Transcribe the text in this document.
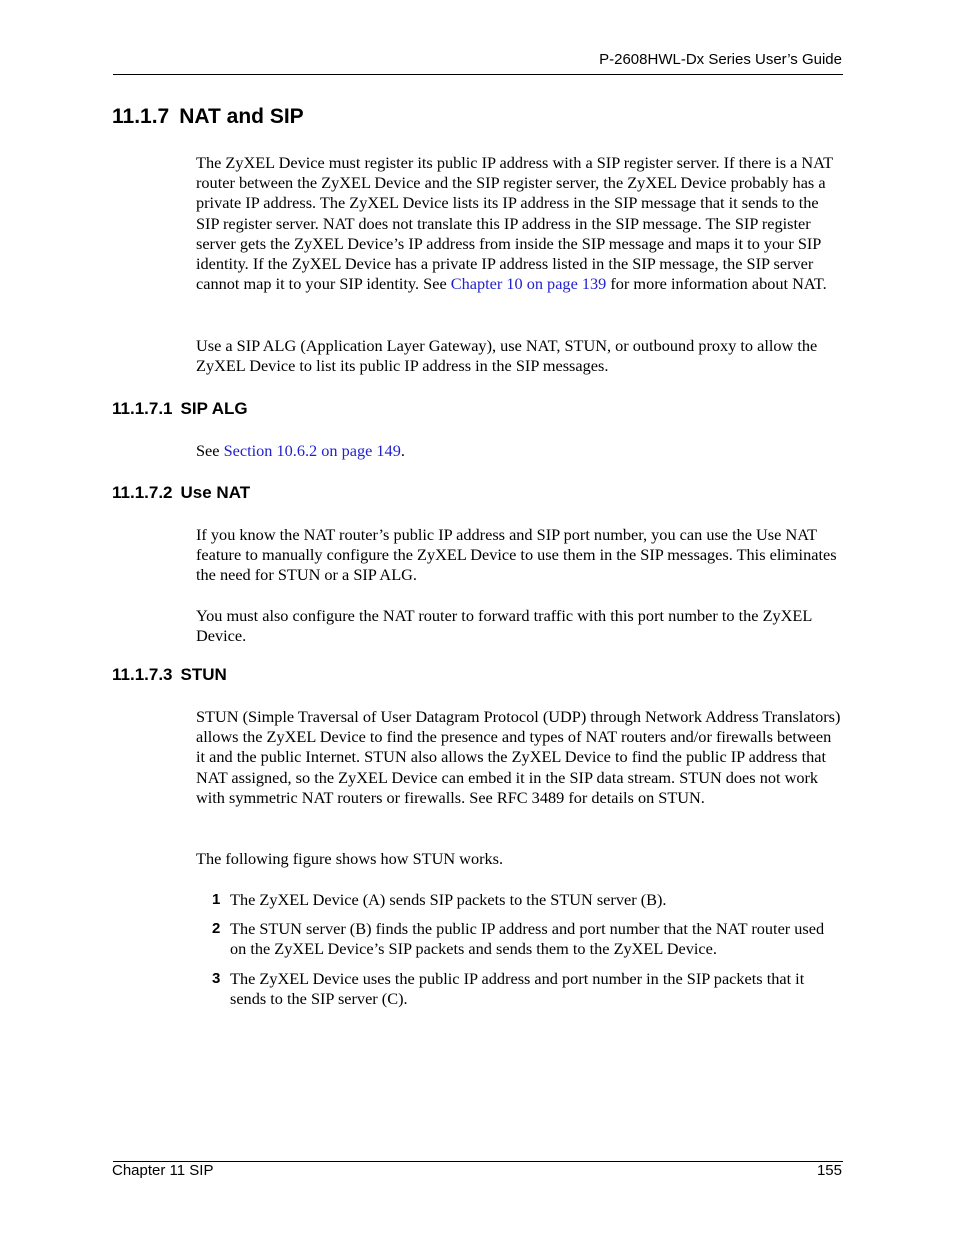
P-2608HWL-Dx Series User’s Guide
11.1.7 NAT and SIP

The ZyXEL Device must register its public IP address with a SIP register server. If there is a NAT router between the ZyXEL Device and the SIP register server, the ZyXEL Device probably has a private IP address. The ZyXEL Device lists its IP address in the SIP message that it sends to the SIP register server. NAT does not translate this IP address in the SIP message. The SIP register server gets the ZyXEL Device’s IP address from inside the SIP message and maps it to your SIP identity. If the ZyXEL Device has a private IP address listed in the SIP message, the SIP server cannot map it to your SIP identity. See Chapter 10 on page 139 for more information about NAT.

Use a SIP ALG (Application Layer Gateway), use NAT, STUN, or outbound proxy to allow the ZyXEL Device to list its public IP address in the SIP messages.

11.1.7.1 SIP ALG

See Section 10.6.2 on page 149.

11.1.7.2 Use NAT

If you know the NAT router’s public IP address and SIP port number, you can use the Use NAT feature to manually configure the ZyXEL Device to use them in the SIP messages. This eliminates the need for STUN or a SIP ALG.

You must also configure the NAT router to forward traffic with this port number to the ZyXEL Device.

11.1.7.3 STUN

STUN (Simple Traversal of User Datagram Protocol (UDP) through Network Address Translators) allows the ZyXEL Device to find the presence and types of NAT routers and/or firewalls between it and the public Internet. STUN also allows the ZyXEL Device to find the public IP address that NAT assigned, so the ZyXEL Device can embed it in the SIP data stream. STUN does not work with symmetric NAT routers or firewalls. See RFC 3489 for details on STUN.

The following figure shows how STUN works.

1 The ZyXEL Device (A) sends SIP packets to the STUN server (B).
2 The STUN server (B) finds the public IP address and port number that the NAT router used on the ZyXEL Device’s SIP packets and sends them to the ZyXEL Device.
3 The ZyXEL Device uses the public IP address and port number in the SIP packets that it sends to the SIP server (C).
Chapter 11 SIP	155
